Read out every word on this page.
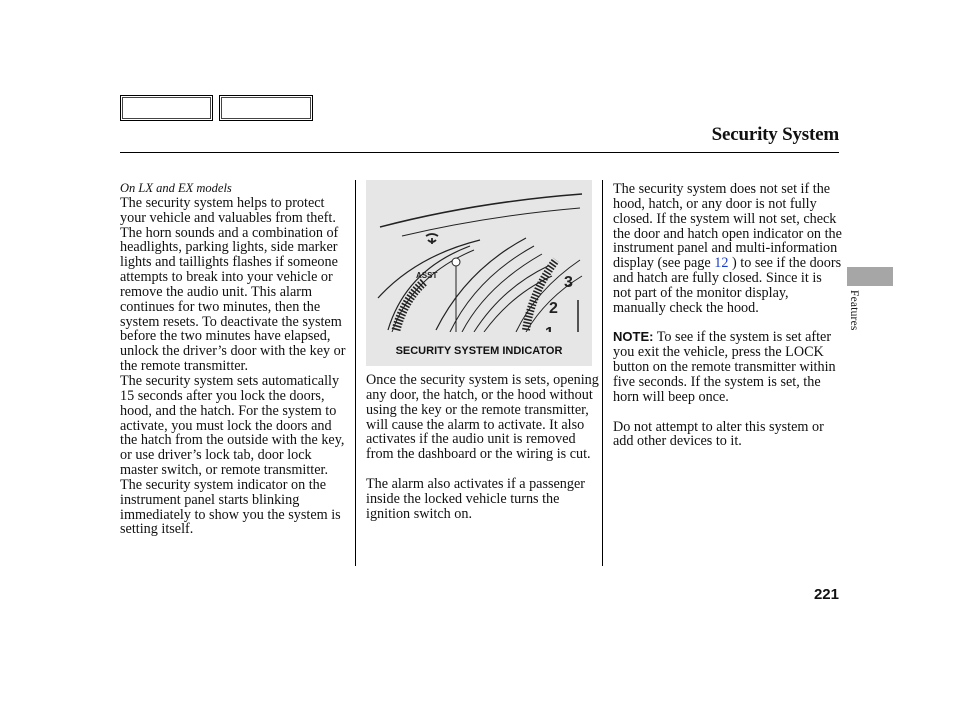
Security System

On LX and EX models

The security system helps to protect your vehicle and valuables from theft. The horn sounds and a combination of headlights, parking lights, side marker lights and taillights flashes if someone attempts to break into your vehicle or remove the audio unit. This alarm continues for two minutes, then the system resets. To deactivate the system before the two minutes have elapsed, unlock the driver’s door with the key or the remote transmitter.

The security system sets automatically 15 seconds after you lock the doors, hood, and the hatch. For the system to activate, you must lock the doors and the hatch from the outside with the key, or use driver’s lock tab, door lock master switch, or remote transmitter. The security system indicator on the instrument panel starts blinking immediately to show you the system is setting itself.

ASST	3
2
SECURITY SYSTEM INDICATOR

Once the security system is sets, opening any door, the hatch, or the hood without using the key or the remote transmitter, will cause the alarm to activate. It also activates if the audio unit is removed from the dashboard or the wiring is cut.

The alarm also activates if a passenger inside the locked vehicle turns the ignition switch on.

The security system does not set if the hood, hatch, or any door is not fully closed. If the system will not set, check the door and hatch open indicator on the instrument panel and multi-information display (see page 12 ) to see if the doors and hatch are fully closed. Since it is not part of the monitor display, manually check the hood.

NOTE: To see if the system is set after you exit the vehicle, press the LOCK button on the remote transmitter within five seconds. If the system is set, the horn will beep once.

Do not attempt to alter this system or add other devices to it.

Features
221
